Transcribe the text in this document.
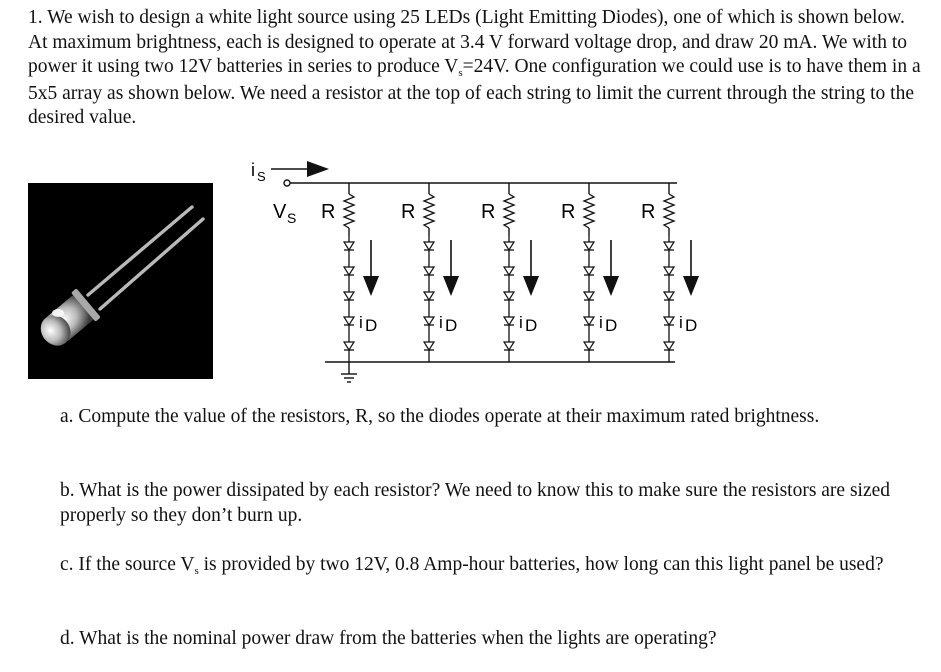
1. We wish to design a white light source using 25 LEDs (Light Emitting Diodes), one of which is shown below. At maximum brightness, each is designed to operate at 3.4 V forward voltage drop, and draw 20 mA. We with to power it using two 12V batteries in series to produce $V_s=24V$. One configuration we could use is to have them in a 5x5 array as shown below. We need a resistor at the top of each string to limit the current through the string to the desired value.

i S
V S R
i D
R
i D
R
i D
R
i D
R
i D

a. Compute the value of the resistors, R, so the diodes operate at their maximum rated brightness.

b. What is the power dissipated by each resistor? We need to know this to make sure the resistors are sized properly so they don’t burn up.

c. If the source $V_s$ is provided by two 12V, 0.8 Amp-hour batteries, how long can this light panel be used?

d. What is the nominal power draw from the batteries when the lights are operating?
